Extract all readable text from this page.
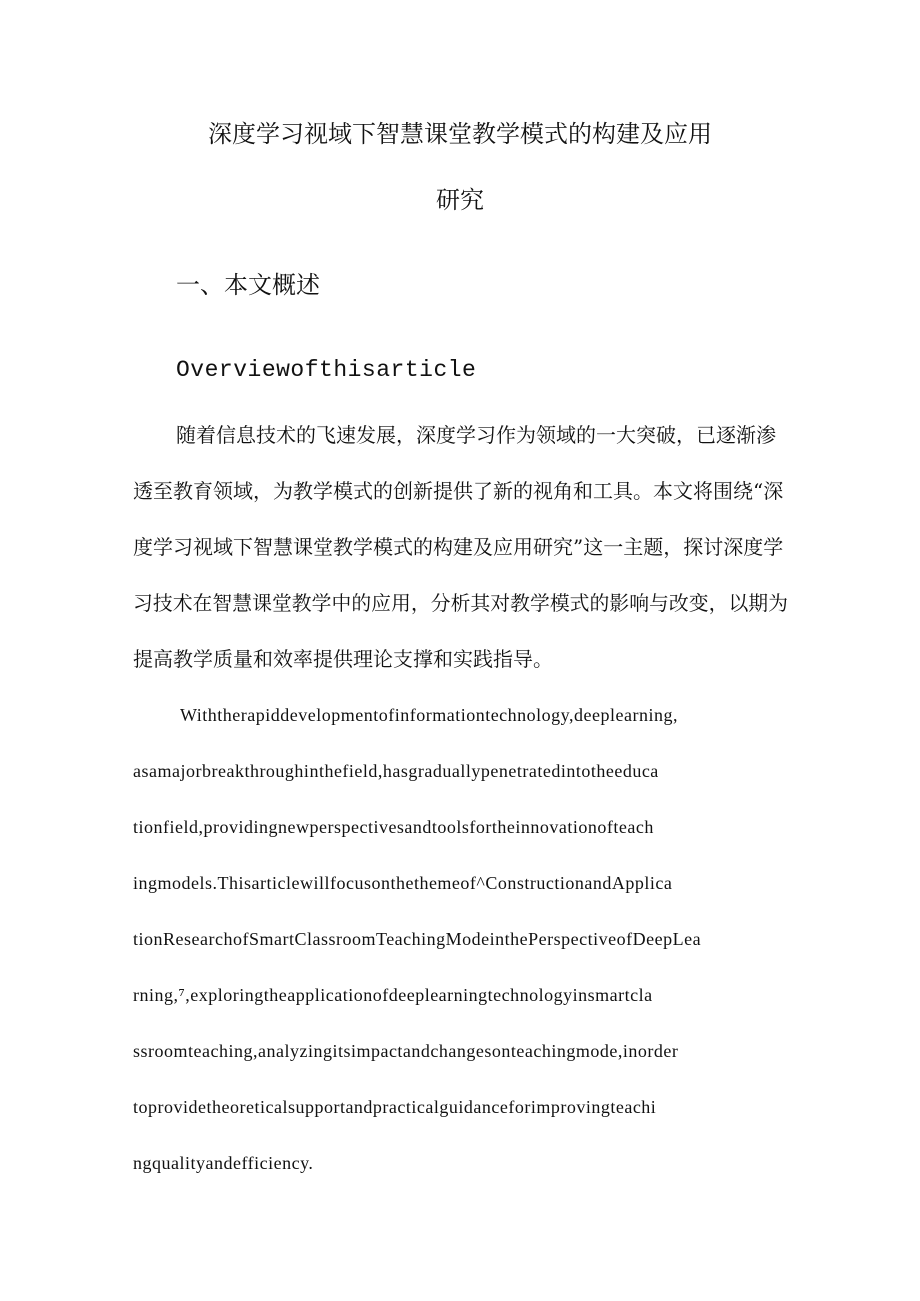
深度学习视域下智慧课堂教学模式的构建及应用
研究
一、本文概述
Overviewofthisarticle
随着信息技术的飞速发展，深度学习作为领域的一大突破，已逐渐渗
透至教育领域，为教学模式的创新提供了新的视角和工具。本文将围绕“深
度学习视域下智慧课堂教学模式的构建及应用研究”这一主题，探讨深度学
习技术在智慧课堂教学中的应用，分析其对教学模式的影响与改变，以期为
提高教学质量和效率提供理论支撑和实践指导。
Withtherapiddevelopmentofinformationtechnology,deeplearning,
asamajorbreakthroughinthefield,hasgraduallypenetratedintotheeduca
tionfield,providingnewperspectivesandtoolsfortheinnovationofteach
ingmodels.Thisarticlewillfocusonthethemeof^ConstructionandApplica
tionResearchofSmartClassroomTeachingModeinthePerspectiveofDeepLea
rning,⁷,exploringtheapplicationofdeeplearningtechnologyinsmartcla
ssroomteaching,analyzingitsimpactandchangesonteachingmode,inorder
toprovidetheoreticalsupportandpracticalguidanceforimprovingteachi
ngqualityandefficiency.
